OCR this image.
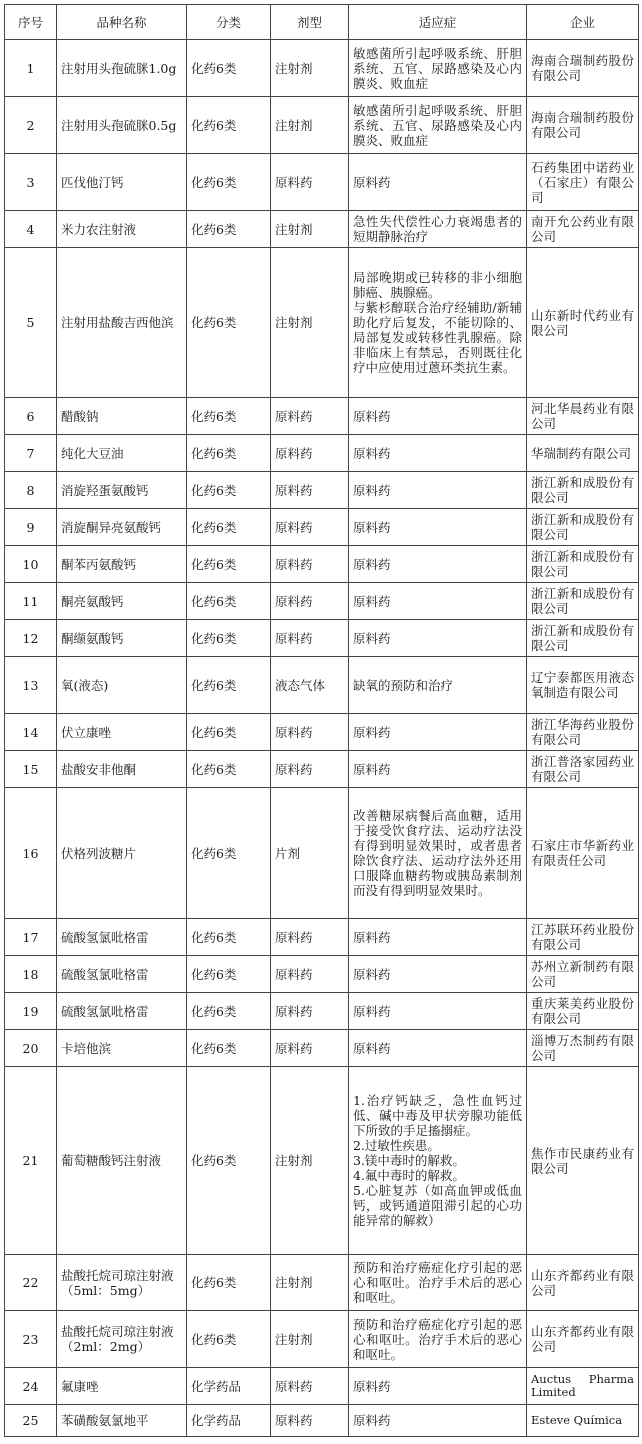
序号	品种名称	分类	剂型	适应症	企业
1	注射用头孢硫脒1.0g	化药6类	注射剂	敏感菌所引起呼吸系统、肝胆系统、五官、尿路感染及心内膜炎、败血症	海南合瑞制药股份有限公司
2	注射用头孢硫脒0.5g	化药6类	注射剂	敏感菌所引起呼吸系统、肝胆系统、五官、尿路感染及心内膜炎、败血症	海南合瑞制药股份有限公司
3	匹伐他汀钙	化药6类	原料药	原料药	石药集团中诺药业（石家庄）有限公司
4	米力农注射液	化药6类	注射剂	急性失代偿性心力衰竭患者的短期静脉治疗	南开允公药业有限公司
5	注射用盐酸吉西他滨	化药6类	注射剂	局部晚期或已转移的非小细胞肺癌、胰腺癌。
与紫杉醇联合治疗经辅助/新辅助化疗后复发，不能切除的、局部复发或转移性乳腺癌。除非临床上有禁忌，否则既往化疗中应使用过蒽环类抗生素。	山东新时代药业有限公司
6	醋酸钠	化药6类	原料药	原料药	河北华晨药业有限公司
7	纯化大豆油	化药6类	原料药	原料药	华瑞制药有限公司
8	消旋羟蛋氨酸钙	化药6类	原料药	原料药	浙江新和成股份有限公司
9	消旋酮异亮氨酸钙	化药6类	原料药	原料药	浙江新和成股份有限公司
10	酮苯丙氨酸钙	化药6类	原料药	原料药	浙江新和成股份有限公司
11	酮亮氨酸钙	化药6类	原料药	原料药	浙江新和成股份有限公司
12	酮缬氨酸钙	化药6类	原料药	原料药	浙江新和成股份有限公司
13	氧(液态)	化药6类	液态气体	缺氧的预防和治疗	辽宁泰都医用液态氧制造有限公司
14	伏立康唑	化药6类	原料药	原料药	浙江华海药业股份有限公司
15	盐酸安非他酮	化药6类	原料药	原料药	浙江普洛家园药业有限公司
16	伏格列波糖片	化药6类	片剂	改善糖尿病餐后高血糖，适用于接受饮食疗法、运动疗法没有得到明显效果时，或者患者除饮食疗法、运动疗法外还用口服降血糖药物或胰岛素制剂而没有得到明显效果时。	石家庄市华新药业有限责任公司
17	硫酸氢氯吡格雷	化药6类	原料药	原料药	江苏联环药业股份有限公司
18	硫酸氢氯吡格雷	化药6类	原料药	原料药	苏州立新制药有限公司
19	硫酸氢氯吡格雷	化药6类	原料药	原料药	重庆莱美药业股份有限公司
20	卡培他滨	化药6类	原料药	原料药	淄博万杰制药有限公司
21	葡萄糖酸钙注射液	化药6类	注射剂	1.治疗钙缺乏，急性血钙过低、碱中毒及甲状旁腺功能低下所致的手足搐搦症。
2.过敏性疾患。
3.镁中毒时的解救。
4.氟中毒时的解救。
5.心脏复苏（如高血钾或低血钙，或钙通道阻滞引起的心功能异常的解救）	焦作市民康药业有限公司
22	盐酸托烷司琼注射液（5ml：5mg）	化药6类	注射剂	预防和治疗癌症化疗引起的恶心和呕吐。治疗手术后的恶心和呕吐。	山东齐都药业有限公司
23	盐酸托烷司琼注射液（2ml：2mg）	化药6类	注射剂	预防和治疗癌症化疗引起的恶心和呕吐。治疗手术后的恶心和呕吐。	山东齐都药业有限公司
24	氟康唑	化学药品	原料药	原料药	Auctus Pharma Limited
25	苯磺酸氨氯地平	化学药品	原料药	原料药	Esteve Química
